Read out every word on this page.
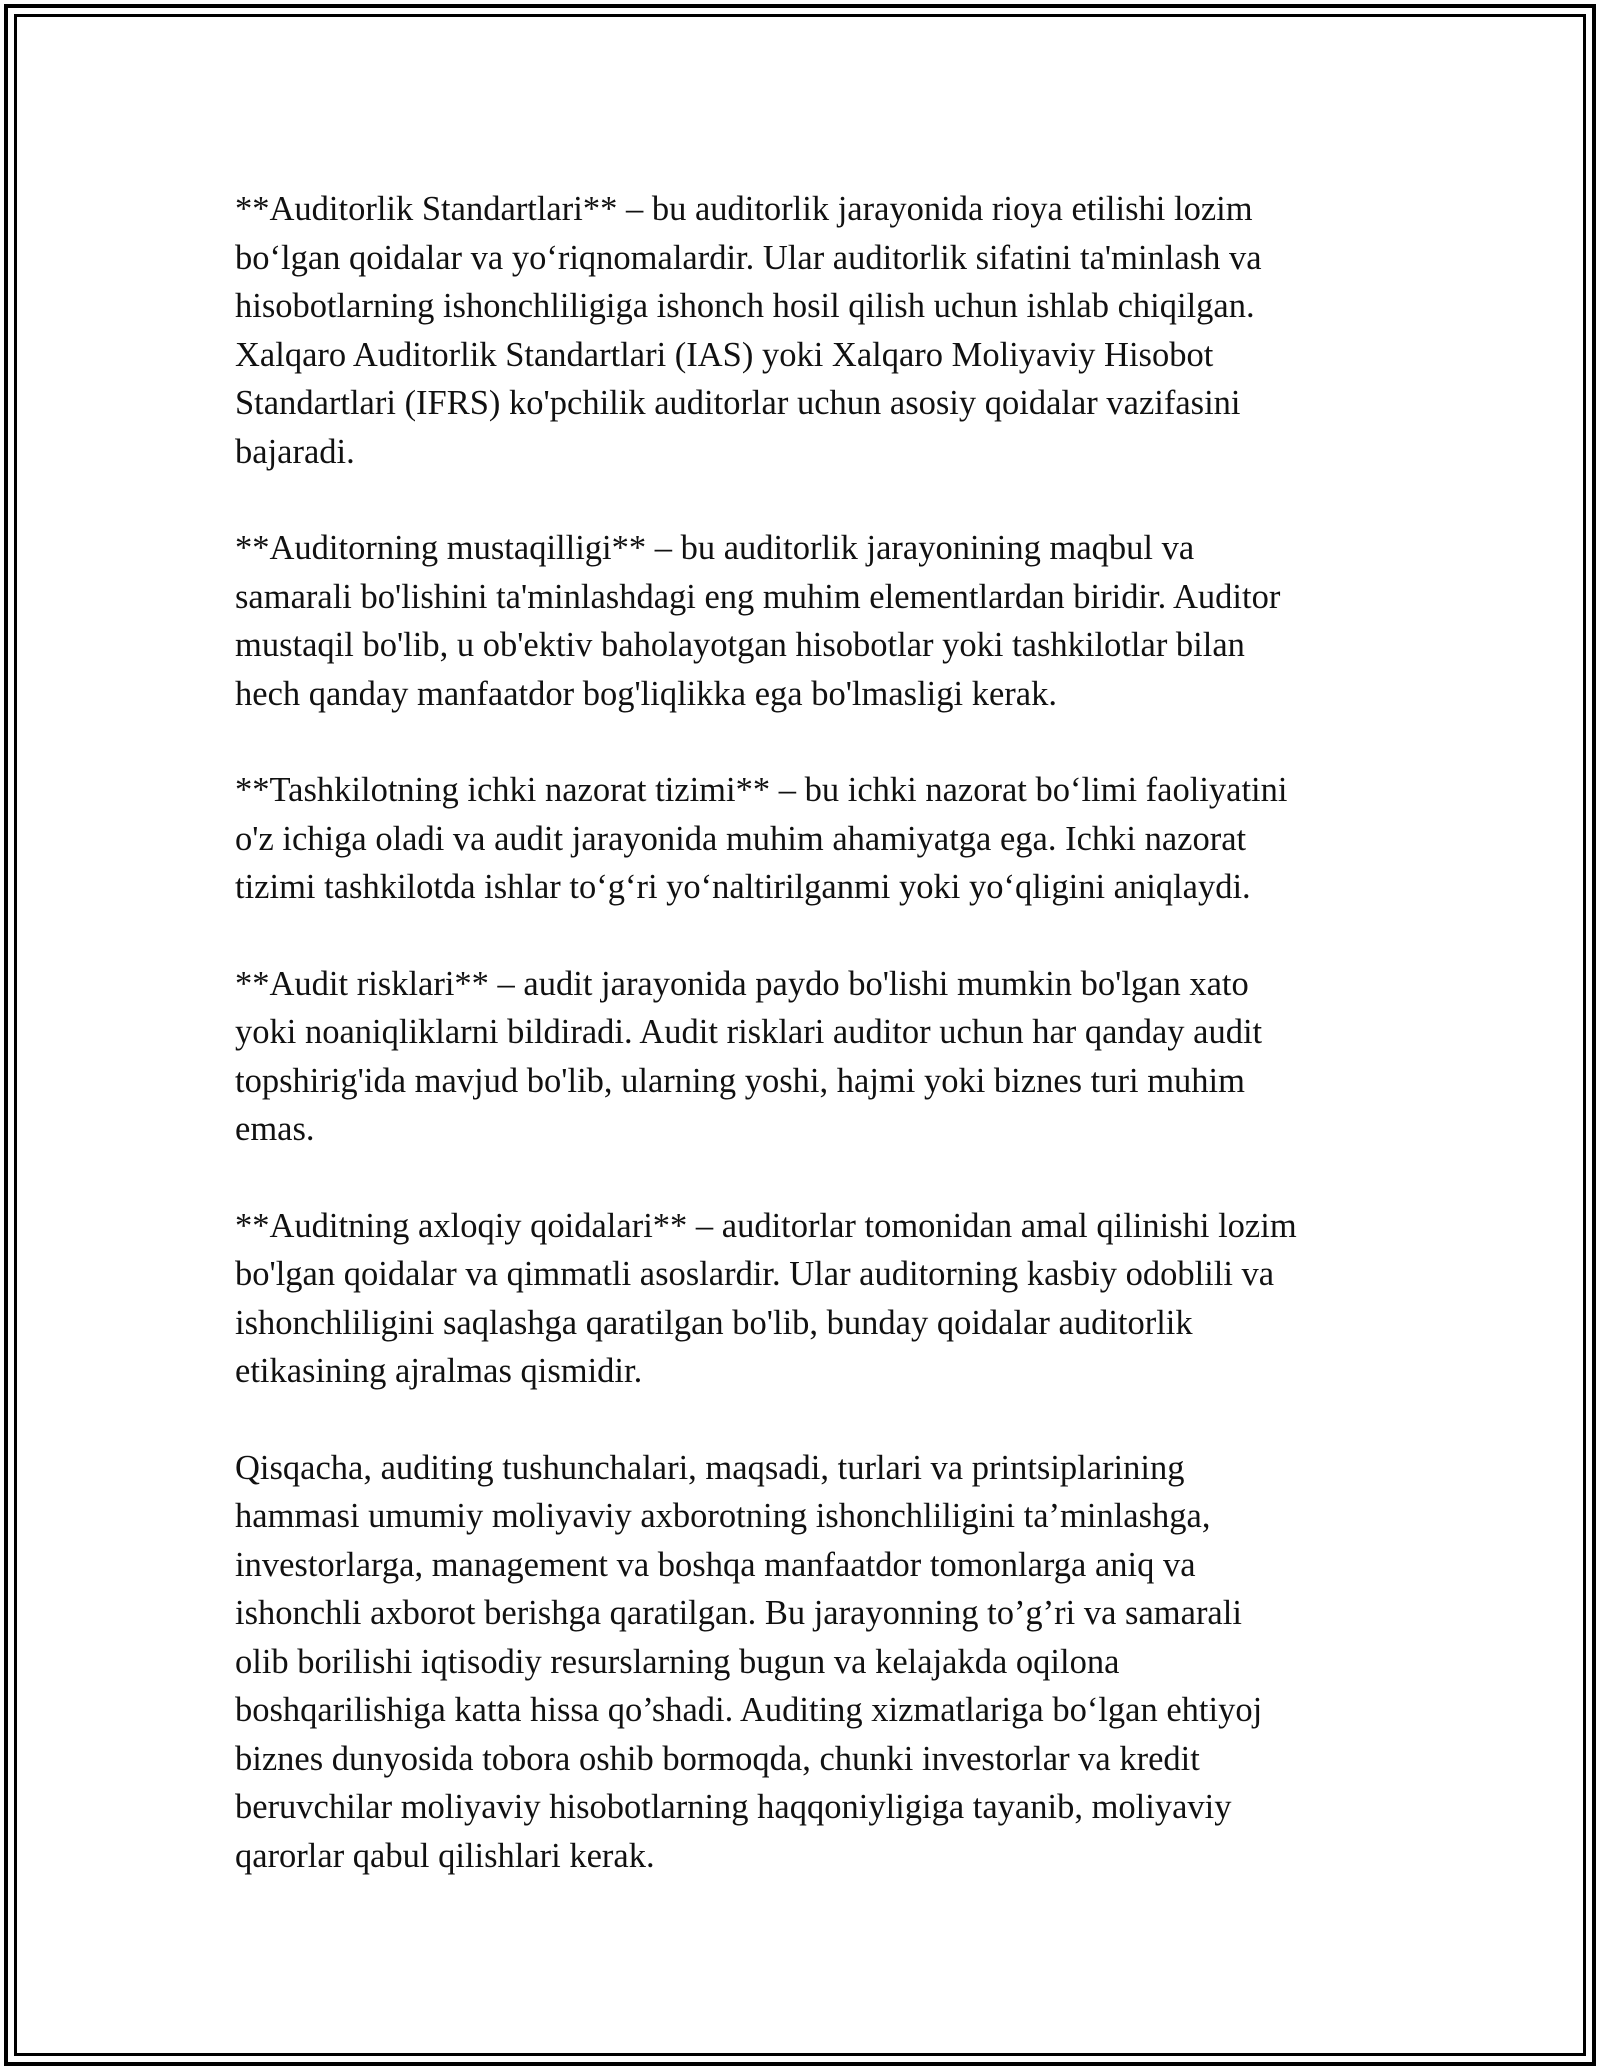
**Auditorlik Standartlari** – bu auditorlik jarayonida rioya etilishi lozim
bo‘lgan qoidalar va yo‘riqnomalardir. Ular auditorlik sifatini ta'minlash va
hisobotlarning ishonchliligiga ishonch hosil qilish uchun ishlab chiqilgan.
Xalqaro Auditorlik Standartlari (IAS) yoki Xalqaro Moliyaviy Hisobot
Standartlari (IFRS) ko'pchilik auditorlar uchun asosiy qoidalar vazifasini
bajaradi.

**Auditorning mustaqilligi** – bu auditorlik jarayonining maqbul va
samarali bo'lishini ta'minlashdagi eng muhim elementlardan biridir. Auditor
mustaqil bo'lib, u ob'ektiv baholayotgan hisobotlar yoki tashkilotlar bilan
hech qanday manfaatdor bog'liqlikka ega bo'lmasligi kerak.

**Tashkilotning ichki nazorat tizimi** – bu ichki nazorat bo‘limi faoliyatini
o'z ichiga oladi va audit jarayonida muhim ahamiyatga ega. Ichki nazorat
tizimi tashkilotda ishlar to‘g‘ri yo‘naltirilganmi yoki yo‘qligini aniqlaydi.

**Audit risklari** – audit jarayonida paydo bo'lishi mumkin bo'lgan xato
yoki noaniqliklarni bildiradi. Audit risklari auditor uchun har qanday audit
topshirig'ida mavjud bo'lib, ularning yoshi, hajmi yoki biznes turi muhim
emas.

**Auditning axloqiy qoidalari** – auditorlar tomonidan amal qilinishi lozim
bo'lgan qoidalar va qimmatli asoslardir. Ular auditorning kasbiy odoblili va
ishonchliligini saqlashga qaratilgan bo'lib, bunday qoidalar auditorlik
etikasining ajralmas qismidir.

Qisqacha, auditing tushunchalari, maqsadi, turlari va printsiplarining
hammasi umumiy moliyaviy axborotning ishonchliligini ta’minlashga,
investorlarga, management va boshqa manfaatdor tomonlarga aniq va
ishonchli axborot berishga qaratilgan. Bu jarayonning to’g’ri va samarali
olib borilishi iqtisodiy resurslarning bugun va kelajakda oqilona
boshqarilishiga katta hissa qo’shadi. Auditing xizmatlariga bo‘lgan ehtiyoj
biznes dunyosida tobora oshib bormoqda, chunki investorlar va kredit
beruvchilar moliyaviy hisobotlarning haqqoniyligiga tayanib, moliyaviy
qarorlar qabul qilishlari kerak.
